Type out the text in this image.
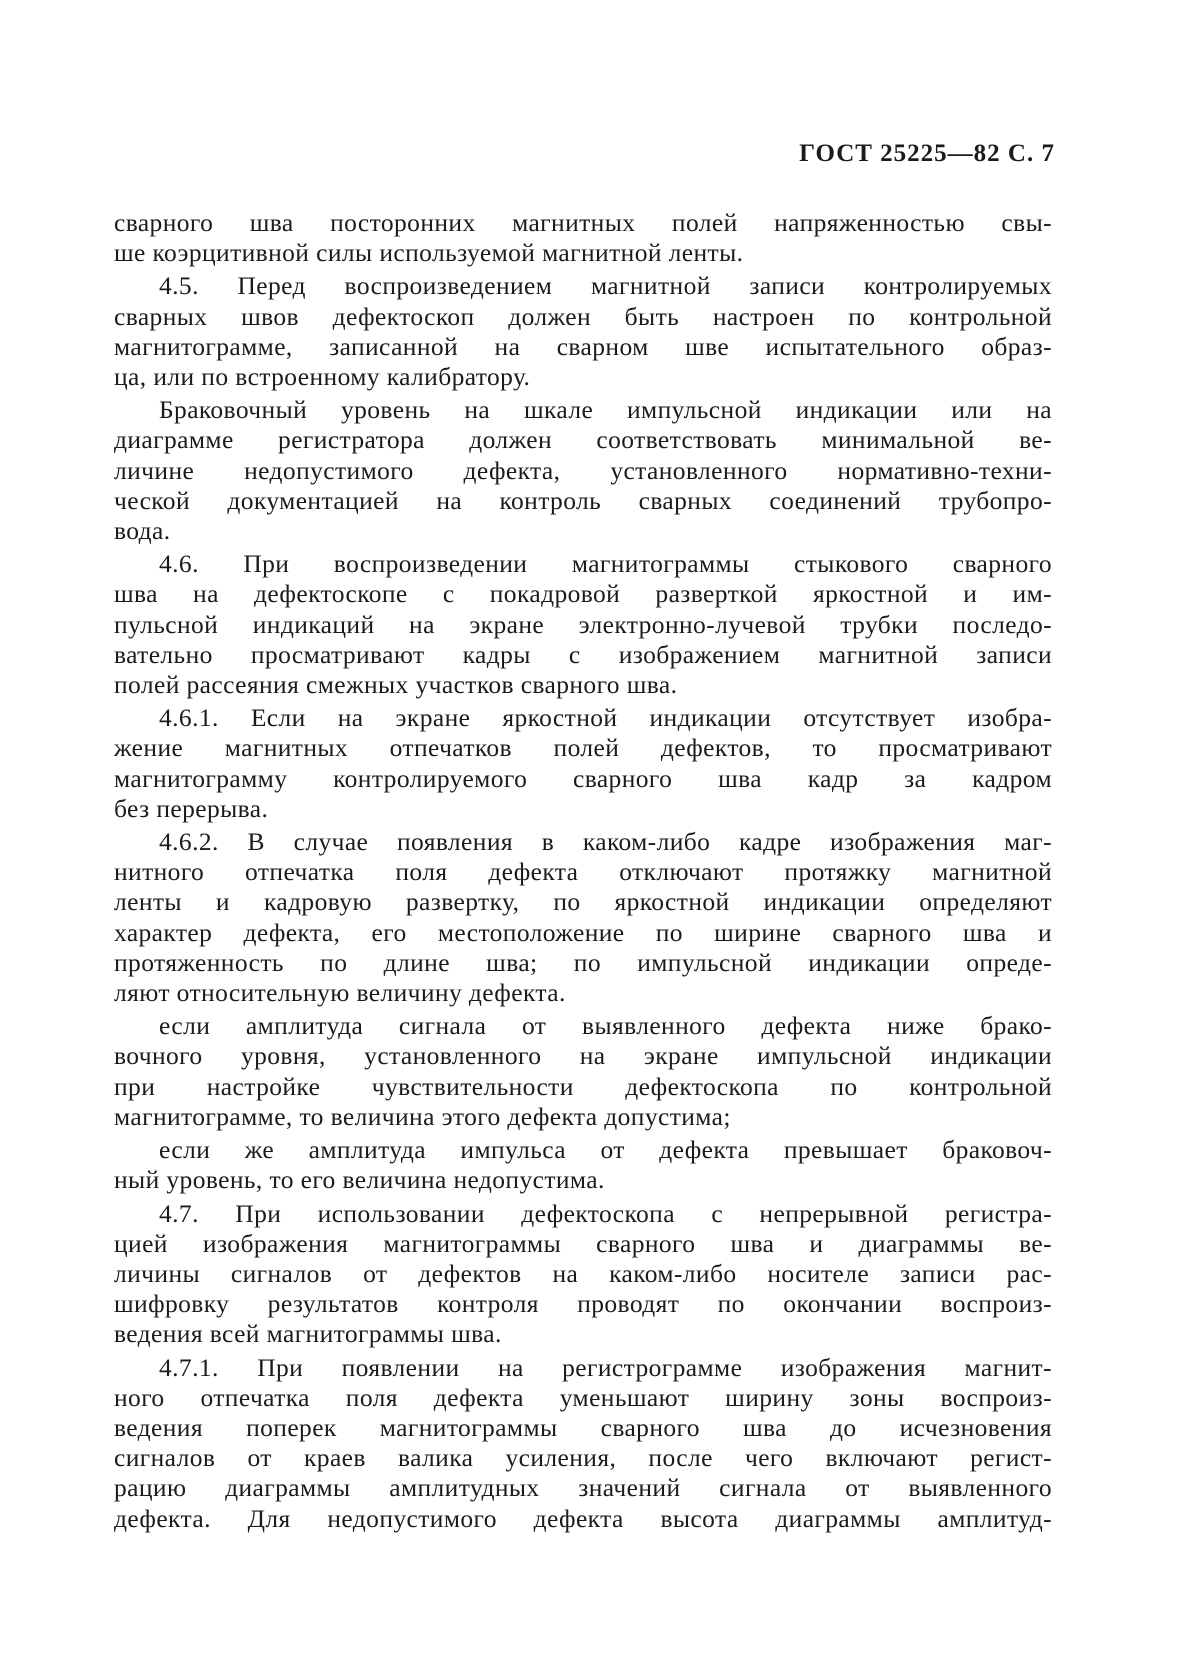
ГОСТ 25225—82 С. 7
сварного шва посторонних магнитных полей напряженностью свы-
ше коэрцитивной силы используемой магнитной ленты.
4.5. Перед воспроизведением магнитной записи контролируемых
сварных швов дефектоскоп должен быть настроен по контрольной
магнитограмме, записанной на сварном шве испытательного образ-
ца, или по встроенному калибратору.
Браковочный уровень на шкале импульсной индикации или на
диаграмме регистратора должен соответствовать минимальной ве-
личине недопустимого дефекта, установленного нормативно-техни-
ческой документацией на контроль сварных соединений трубопро-
вода.
4.6. При воспроизведении магнитограммы стыкового сварного
шва на дефектоскопе с покадровой разверткой яркостной и им-
пульсной индикаций на экране электронно-лучевой трубки последо-
вательно просматривают кадры с изображением магнитной записи
полей рассеяния смежных участков сварного шва.
4.6.1. Если на экране яркостной индикации отсутствует изобра-
жение магнитных отпечатков полей дефектов, то просматривают
магнитограмму контролируемого сварного шва кадр за кадром
без перерыва.
4.6.2. В случае появления в каком-либо кадре изображения маг-
нитного отпечатка поля дефекта отключают протяжку магнитной
ленты и кадровую развертку, по яркостной индикации определяют
характер дефекта, его местоположение по ширине сварного шва и
протяженность по длине шва; по импульсной индикации опреде-
ляют относительную величину дефекта.
если амплитуда сигнала от выявленного дефекта ниже брако-
вочного уровня, установленного на экране импульсной индикации
при настройке чувствительности дефектоскопа по контрольной
магнитограмме, то величина этого дефекта допустима;
если же амплитуда импульса от дефекта превышает браковоч-
ный уровень, то его величина недопустима.
4.7. При использовании дефектоскопа с непрерывной регистра-
цией изображения магнитограммы сварного шва и диаграммы ве-
личины сигналов от дефектов на каком-либо носителе записи рас-
шифровку результатов контроля проводят по окончании воспроиз-
ведения всей магнитограммы шва.
4.7.1. При появлении на регистрограмме изображения магнит-
ного отпечатка поля дефекта уменьшают ширину зоны воспроиз-
ведения поперек магнитограммы сварного шва до исчезновения
сигналов от краев валика усиления, после чего включают регист-
рацию диаграммы амплитудных значений сигнала от выявленного
дефекта. Для недопустимого дефекта высота диаграммы амплитуд-
